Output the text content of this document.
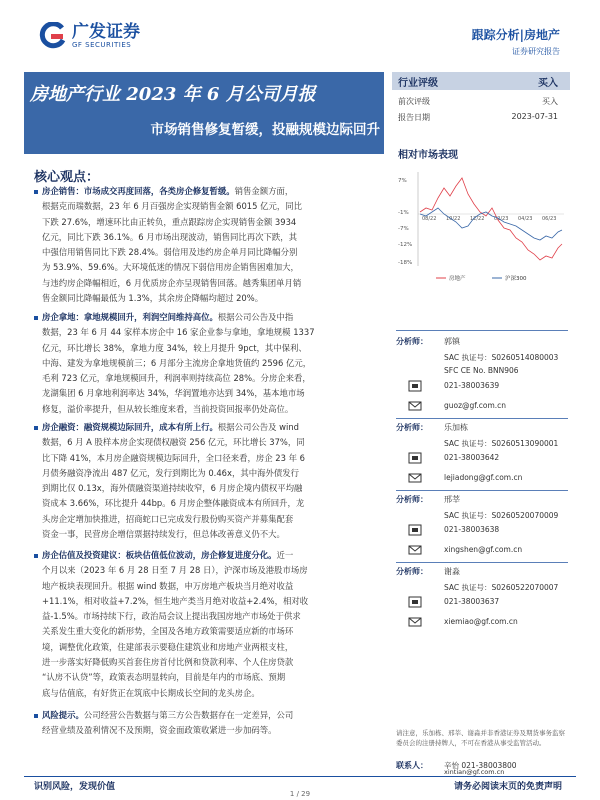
广发证券
GF SECURITIES
跟踪分析|房地产
证券研究报告
房地产行业 2023 年 6 月公司月报
市场销售修复暂缓，投融规模边际回升
行业评级	买入
前次评级	买入
报告日期	2023-07-31
核心观点：
房企销售：市场成交再度回落，各类房企修复暂缓。销售金额方面，
根据克而瑞数据，23 年 6 月百强房企实现销售金额 6015 亿元，同比
下跌 27.6%，增速环比由正转负，重点跟踪房企实现销售金额 3934
亿元，同比下跌 36.1%。6 月市场出现波动，销售同比再次下跌，其
中强信用销售同比下跌 28.4%。弱信用及违约房企单月同比降幅分别
为 53.9%、59.6%。大环境低迷的情况下弱信用房企销售困难加大，
与违约房企降幅相近，6 月优质房企亦呈现销售回落。越秀集团单月销
售金额同比降幅最低为 1.3%，其余房企降幅均超过 20%。
房企拿地：拿地规模回升，利润空间维持高位。根据公司公告及中指
数据，23 年 6 月 44 家样本房企中 16 家企业参与拿地，拿地规模 1337
亿元，环比增长 38%，拿地力度 34%，较上月提升 9pct，其中保利、
中海、建发为拿地规模前三；6 月部分主流房企拿地货值约 2596 亿元，
毛利 723 亿元，拿地规模回升，利润率则持续高位 28%。分房企来看，
龙湖集团 6 月拿地利润率达 34%，华润置地亦达到 34%，基本地市场
修复，溢价率提升，但从较长维度来看，当前投资回报率仍处高位。
房企融资：融资规模边际回升，成本有所上行。根据公司公告及 wind
数据，6 月 A 股样本房企实现债权融资 256 亿元，环比增长 37%，同
比下降 41%，本月房企融资规模边际回升，全口径来看，房企 23 年 6
月债务融资净流出 487 亿元，发行到期比为 0.46x，其中海外债发行
到期比仅 0.13x，海外债融资渠道持续收窄，6 月房企境内债权平均融
资成本 3.66%，环比提升 44bp。6 月房企整体融资成本有所回升，龙
头房企定增加快推进，招商蛇口已完成发行股份购买资产并募集配套
资金一事，民营房企增信票据持续发行，但总体改善意义仍不大。
房企估值及投资建议：板块估值低位波动，房企修复进度分化。近一
个月以来（2023 年 6 月 28 日至 7 月 28 日），沪深市场及港股市场房
地产板块表现回升。根据 wind 数据，申万房地产板块当月绝对收益
+11.1%，相对收益+7.2%，恒生地产类当月绝对收益+2.4%，相对收
益-1.5%。市场持续下行，政治局会议上提出我国房地产市场处于供求
关系发生重大变化的新形势，全国及各地方政策需要适应新的市场环
境，调整优化政策，住建部表示要稳住建筑业和房地产业两根支柱，
进一步落实好降低购买首套住房首付比例和贷款利率、个人住房贷款
“认房不认贷”等，政策表态明显转向，目前是年内的市场底、预期
底与估值底，有好货正在筑底中长期成长空间的龙头房企。
风险提示。公司经营公告数据与第三方公告数据存在一定差异，公司
经营业绩及盈利情况不及预期，资金面政策收紧进一步加码等。
相对市场表现
7%
-1%
-7%
-12%
-18%
08/22 10/22 12/22 02/23 04/23 06/23
房地产	沪深300
分析师： 郭镇
SAC 执证号：S0260514080003
SFC CE No. BNN906
021-38003639
guoz@gf.com.cn
分析师： 乐加栋
SAC 执证号：S0260513090001
021-38003642
lejiadong@gf.com.cn
分析师： 邢莘
SAC 执证号：S0260520070009
021-38003638
xingshen@gf.com.cn
分析师： 谢淼
SAC 执证号：S0260522070007
021-38003637
xiemiao@gf.com.cn
请注意，乐加栋、邢莘、谢淼并非香港证券及期货事务监察委员会的注册持牌人，不可在香港从事受监管活动。
联系人： 辛怡 021-38003800
xintian@gf.com.cn
识别风险，发现价值	请务必阅读末页的免责声明
1 / 29
